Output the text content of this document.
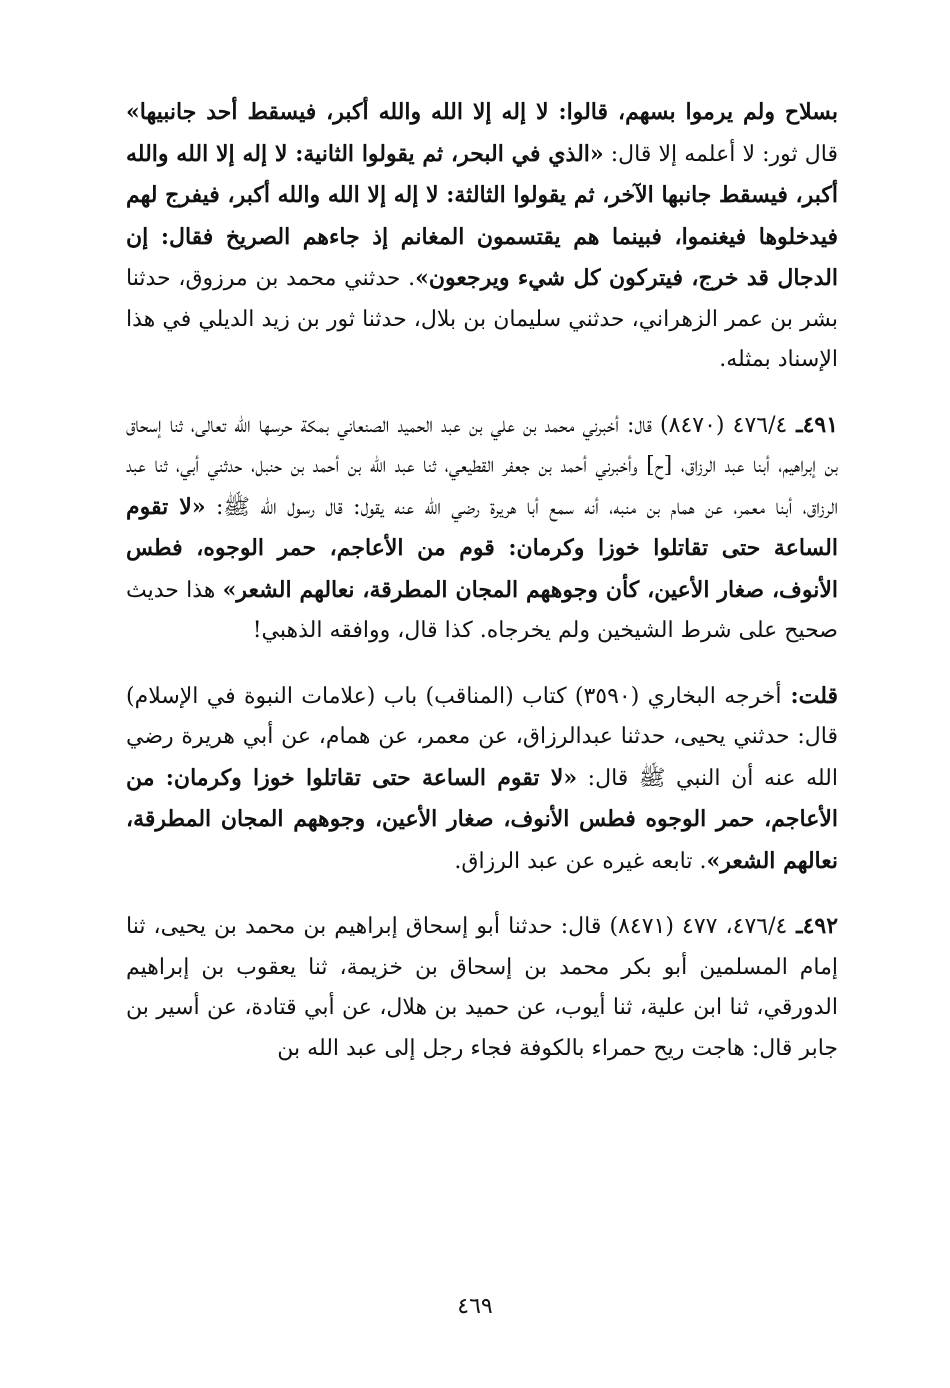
بسلاح ولم يرموا بسهم، قالوا: لا إله إلا الله والله أكبر، فيسقط أحد جانبيها» قال ثور: لا أعلمه إلا قال: «الذي في البحر، ثم يقولوا الثانية: لا إله إلا الله والله أكبر، فيسقط جانبها الآخر، ثم يقولوا الثالثة: لا إله إلا الله والله أكبر، فيفرج لهم فيدخلوها فيغنموا، فبينما هم يقتسمون المغانم إذ جاءهم الصريخ فقال: إن الدجال قد خرج، فيتركون كل شيء ويرجعون». حدثني محمد بن مرزوق، حدثنا بشر بن عمر الزهراني، حدثني سليمان بن بلال، حدثنا ثور بن زيد الديلي في هذا الإسناد بمثله.

٤٩١ـ ٤٧٦/٤ (٨٤٧٠) قال: أخبرني محمد بن علي بن عبد الحميد الصنعاني بمكة حرسها الله تعالى، ثنا إسحاق بن إبراهيم، أبنا عبد الرزاق، [ح] وأخبرني أحمد بن جعفر القطيعي، ثنا عبد الله بن أحمد بن حنبل، حدثني أبي، ثنا عبد الرزاق، أبنا معمر، عن همام بن منبه، أنه سمع أبا هريرة رضي الله عنه يقول: قال رسول الله ﷺ: «لا تقوم الساعة حتى تقاتلوا خوزا وكرمان: قوم من الأعاجم، حمر الوجوه، فطس الأنوف، صغار الأعين، كأن وجوههم المجان المطرقة، نعالهم الشعر» هذا حديث صحيح على شرط الشيخين ولم يخرجاه. كذا قال، ووافقه الذهبي!

قلت: أخرجه البخاري (٣٥٩٠) كتاب (المناقب) باب (علامات النبوة في الإسلام) قال: حدثني يحيى، حدثنا عبدالرزاق، عن معمر، عن همام، عن أبي هريرة رضي الله عنه أن النبي ﷺ قال: «لا تقوم الساعة حتى تقاتلوا خوزا وكرمان: من الأعاجم، حمر الوجوه فطس الأنوف، صغار الأعين، وجوههم المجان المطرقة، نعالهم الشعر». تابعه غيره عن عبد الرزاق.

٤٩٢ـ ٤٧٦/٤، ٤٧٧ (٨٤٧١) قال: حدثنا أبو إسحاق إبراهيم بن محمد بن يحيى، ثنا إمام المسلمين أبو بكر محمد بن إسحاق بن خزيمة، ثنا يعقوب بن إبراهيم الدورقي، ثنا ابن علية، ثنا أيوب، عن حميد بن هلال، عن أبي قتادة، عن أسير بن جابر قال: هاجت ريح حمراء بالكوفة فجاء رجل إلى عبد الله بن

٤٦٩
